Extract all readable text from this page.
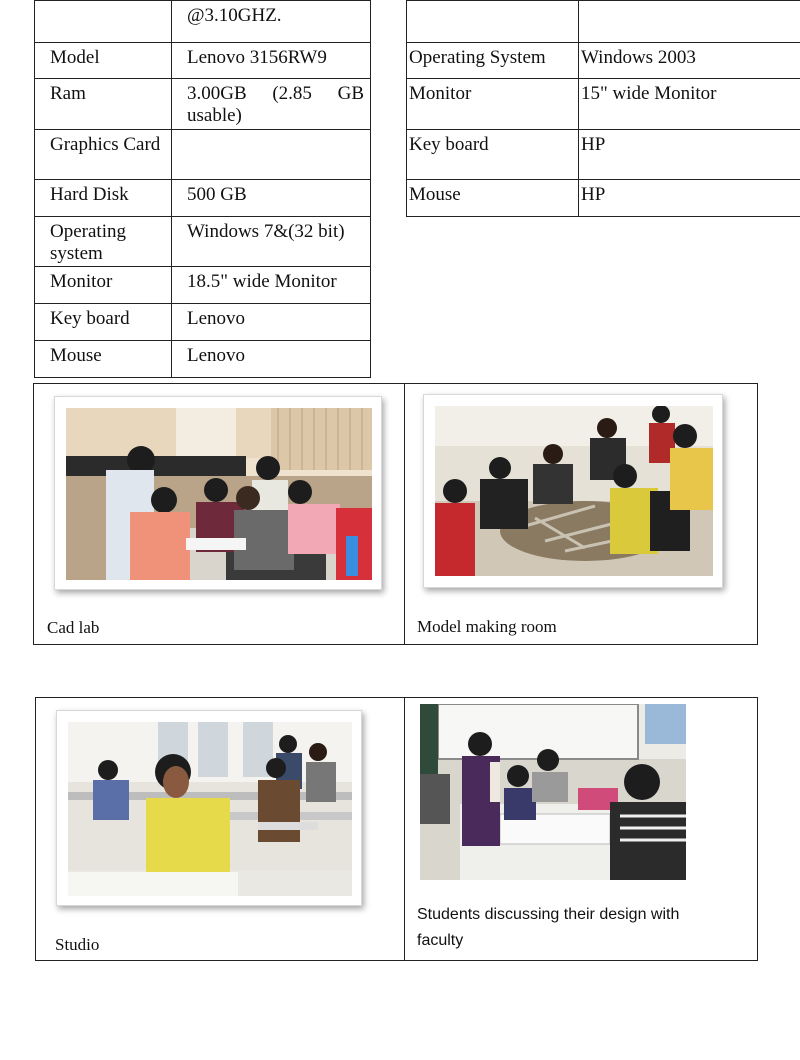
	@3.10GHZ.
Model	Lenovo 3156RW9
Ram	3.00GB (2.85 GB usable)
Graphics Card	
Hard Disk	500 GB
Operating system	Windows 7&(32 bit)
Monitor	18.5" wide Monitor
Key board	Lenovo
Mouse	Lenovo

Operating System	Windows 2003
Monitor	15" wide Monitor
Key board	HP
Mouse	HP
Cad lab	Model making room
Studio
Students discussing their design with faculty
